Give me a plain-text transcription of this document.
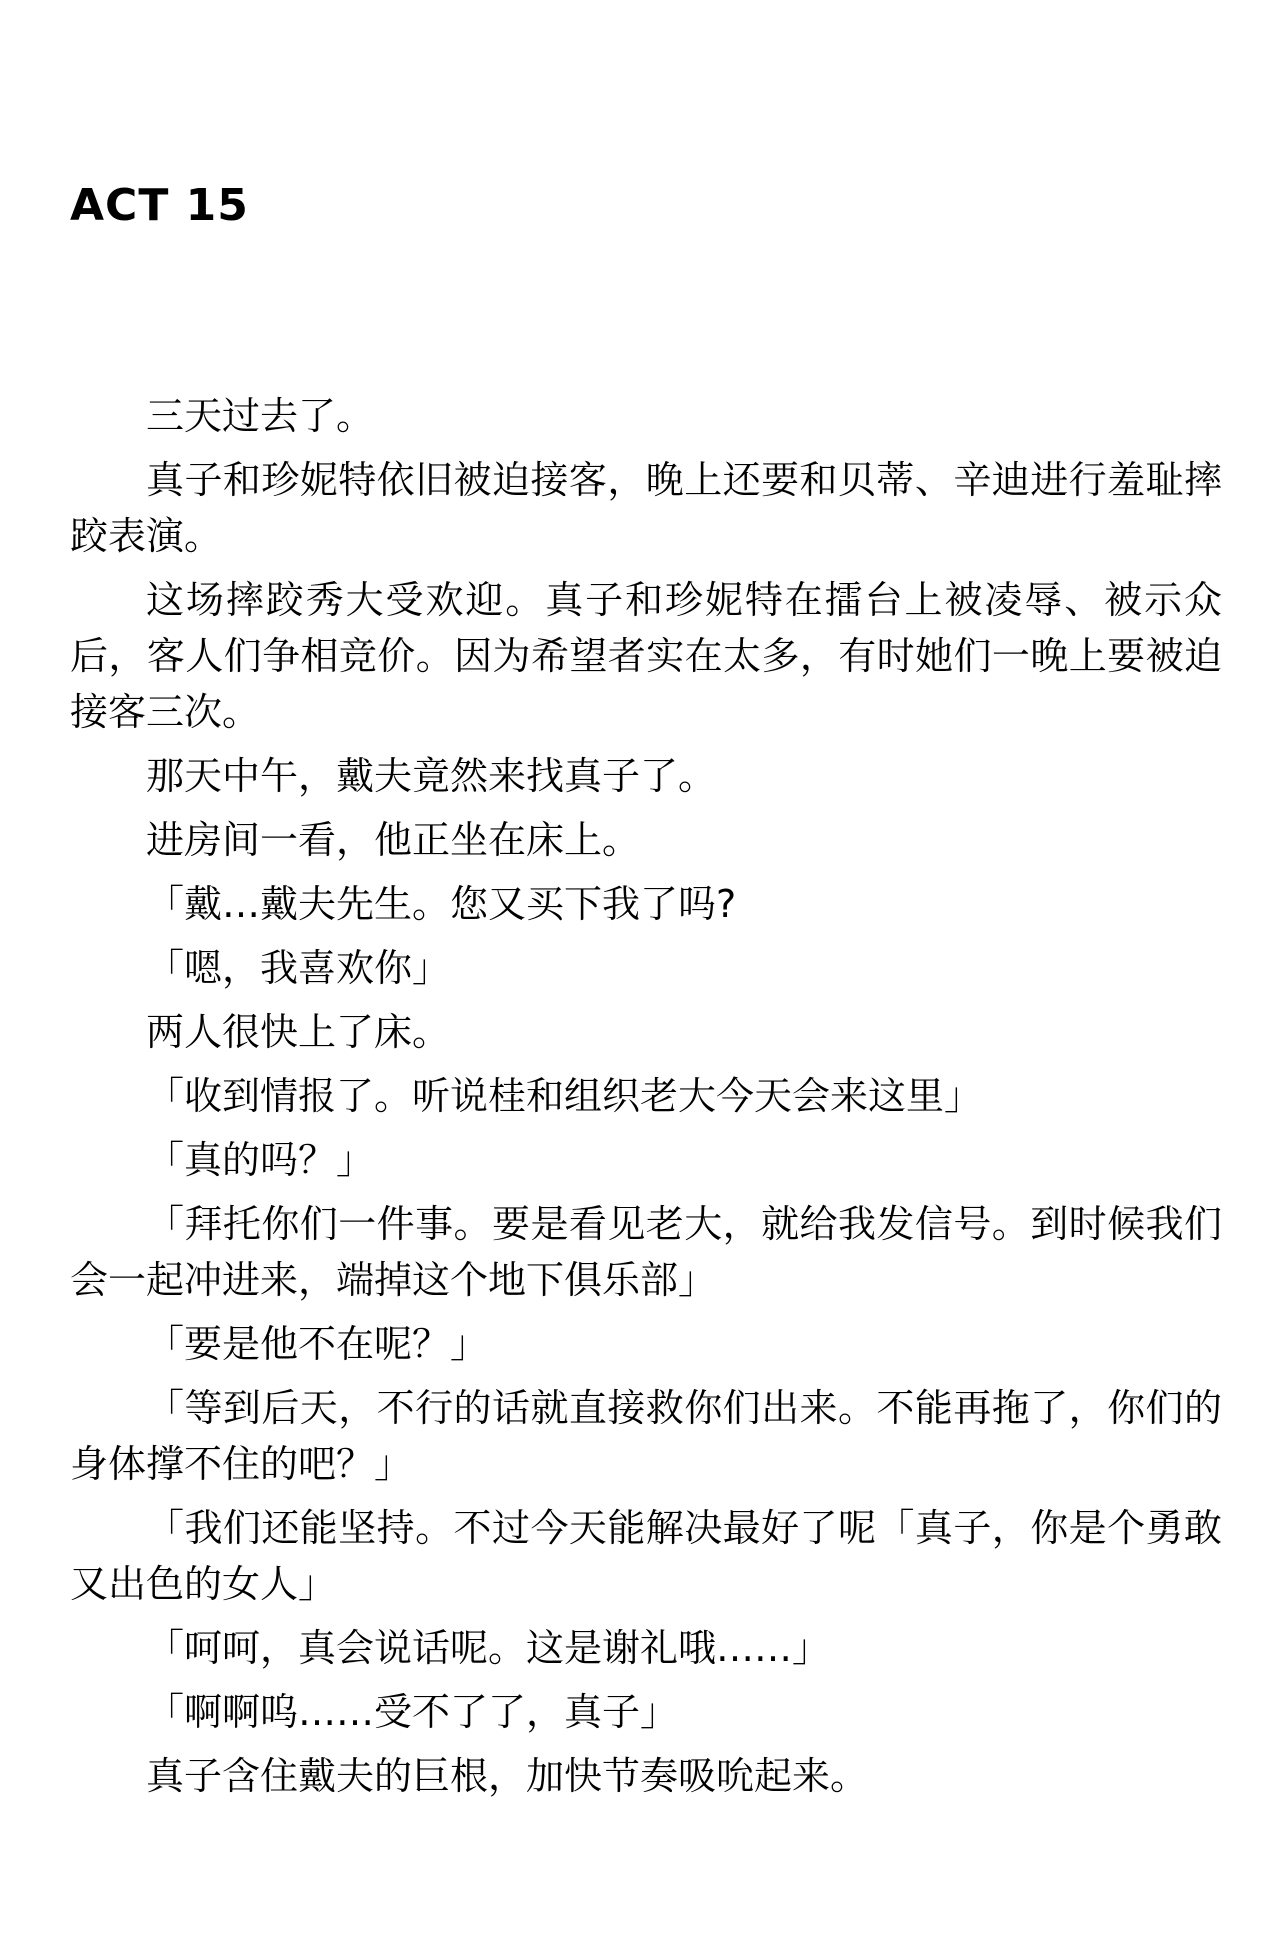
ACT 15

三天过去了。

真子和珍妮特依旧被迫接客，晚上还要和贝蒂、辛迪进行羞耻摔跤表演。

这场摔跤秀大受欢迎。真子和珍妮特在擂台上被凌辱、被示众后，客人们争相竞价。因为希望者实在太多，有时她们一晚上要被迫接客三次。

那天中午，戴夫竟然来找真子了。

进房间一看，他正坐在床上。

「戴…戴夫先生。您又买下我了吗?

「嗯，我喜欢你」

两人很快上了床。

「收到情报了。听说桂和组织老大今天会来这里」

「真的吗？」

「拜托你们一件事。要是看见老大，就给我发信号。到时候我们会一起冲进来，端掉这个地下俱乐部」

「要是他不在呢？」

「等到后天，不行的话就直接救你们出来。不能再拖了，你们的身体撑不住的吧？」

「我们还能坚持。不过今天能解决最好了呢「真子，你是个勇敢又出色的女人」

「呵呵，真会说话呢。这是谢礼哦……」

「啊啊呜……受不了了，真子」

真子含住戴夫的巨根，加快节奏吸吮起来。
